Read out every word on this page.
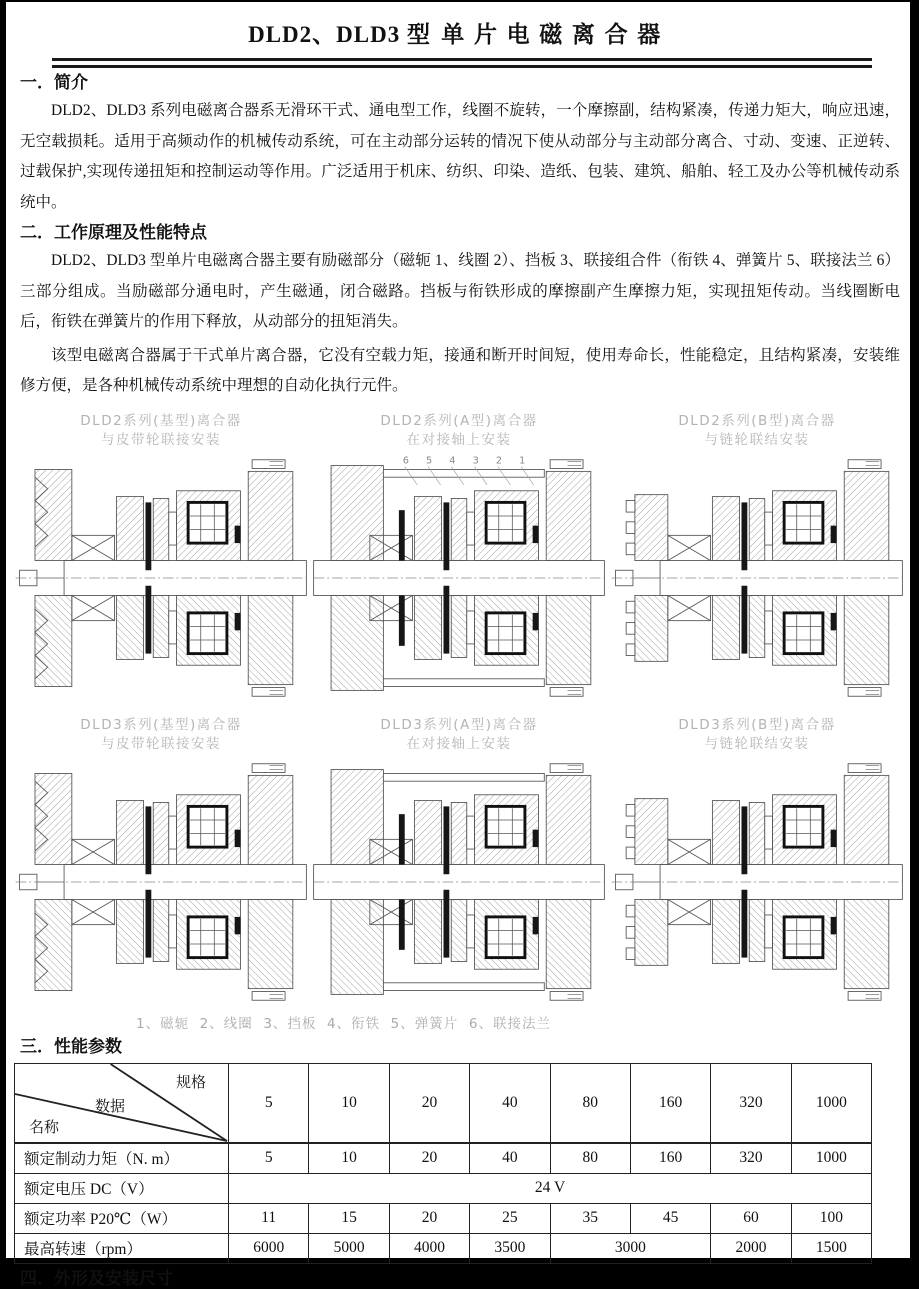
DLD2、DLD3 型 单片电磁离合器
一．简介

DLD2、DLD3 系列电磁离合器系无滑环干式、通电型工作，线圈不旋转，一个摩擦副，结构紧凑，传递力矩大，响应迅速，无空载损耗。适用于高频动作的机械传动系统，可在主动部分运转的情况下使从动部分与主动部分离合、寸动、变速、正逆转、过载保护,实现传递扭矩和控制运动等作用。广泛适用于机床、纺织、印染、造纸、包装、建筑、船舶、轻工及办公等机械传动系统中。

二．工作原理及性能特点

DLD2、DLD3 型单片电磁离合器主要有励磁部分（磁轭 1、线圈 2）、挡板 3、联接组合件（衔铁 4、弹簧片 5、联接法兰 6）三部分组成。当励磁部分通电时，产生磁通，闭合磁路。挡板与衔铁形成的摩擦副产生摩擦力矩，实现扭矩传动。当线圈断电后，衔铁在弹簧片的作用下释放，从动部分的扭矩消失。

该型电磁离合器属于干式单片离合器，它没有空载力矩，接通和断开时间短，使用寿命长，性能稳定，且结构紧凑，安装维修方便，是各种机械传动系统中理想的自动化执行元件。

DLD2系列(基型)离合器
与皮带轮联接安装
DLD2系列(A型)离合器
在对接轴上安装
6 5 4 3 2 1
DLD2系列(B型)离合器
与链轮联结安装
DLD3系列(基型)离合器
与皮带轮联接安装
DLD3系列(A型)离合器
在对接轴上安装
DLD3系列(B型)离合器
与链轮联结安装
1、磁轭  2、线圈  3、挡板  4、衔铁  5、弹簧片  6、联接法兰
三．性能参数
规格
数据
名称	5	10	20	40	80	160	320	1000
额定制动力矩（N. m）	5	10	20	40	80	160	320	1000
额定电压 DC（V）	24 V							
额定功率 P20℃（W）	11	15	20	25	35	45	60	100
最高转速（rpm）	6000	5000	4000	3500	3000		2000	1500
四．外形及安装尺寸
